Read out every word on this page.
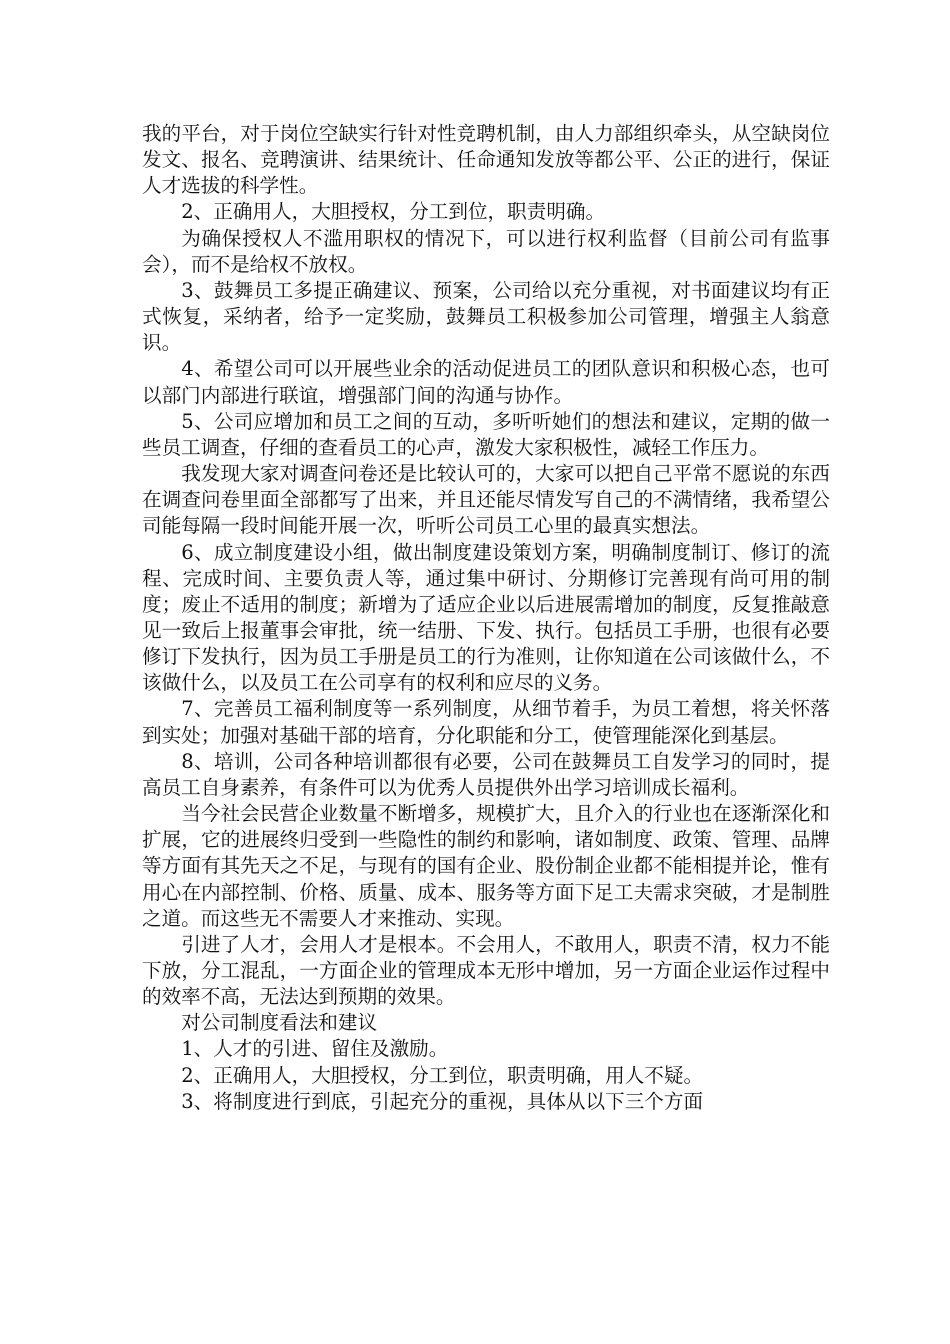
我的平台，对于岗位空缺实行针对性竞聘机制，由人力部组织牵头，从空缺岗位发文、报名、竞聘演讲、结果统计、任命通知发放等都公平、公正的进行，保证人才选拔的科学性。

2、正确用人，大胆授权，分工到位，职责明确。

为确保授权人不滥用职权的情况下，可以进行权利监督（目前公司有监事会），而不是给权不放权。

3、鼓舞员工多提正确建议、预案，公司给以充分重视，对书面建议均有正式恢复，采纳者，给予一定奖励，鼓舞员工积极参加公司管理，增强主人翁意识。

4、希望公司可以开展些业余的活动促进员工的团队意识和积极心态，也可以部门内部进行联谊，增强部门间的沟通与协作。

5、公司应增加和员工之间的互动，多听听她们的想法和建议，定期的做一些员工调查，仔细的查看员工的心声，激发大家积极性，减轻工作压力。

我发现大家对调查问卷还是比较认可的，大家可以把自己平常不愿说的东西在调查问卷里面全部都写了出来，并且还能尽情发写自己的不满情绪，我希望公司能每隔一段时间能开展一次，听听公司员工心里的最真实想法。

6、成立制度建设小组，做出制度建设策划方案，明确制度制订、修订的流程、完成时间、主要负责人等，通过集中研讨、分期修订完善现有尚可用的制度；废止不适用的制度；新增为了适应企业以后进展需增加的制度，反复推敲意见一致后上报董事会审批，统一结册、下发、执行。包括员工手册，也很有必要修订下发执行，因为员工手册是员工的行为准则，让你知道在公司该做什么，不该做什么，以及员工在公司享有的权利和应尽的义务。

7、完善员工福利制度等一系列制度，从细节着手，为员工着想，将关怀落到实处；加强对基础干部的培育，分化职能和分工，使管理能深化到基层。

8、培训，公司各种培训都很有必要，公司在鼓舞员工自发学习的同时，提高员工自身素养，有条件可以为优秀人员提供外出学习培训成长福利。

当今社会民营企业数量不断增多，规模扩大，且介入的行业也在逐渐深化和扩展，它的进展终归受到一些隐性的制约和影响，诸如制度、政策、管理、品牌等方面有其先天之不足，与现有的国有企业、股份制企业都不能相提并论，惟有用心在内部控制、价格、质量、成本、服务等方面下足工夫需求突破，才是制胜之道。而这些无不需要人才来推动、实现。

引进了人才，会用人才是根本。不会用人，不敢用人，职责不清，权力不能下放，分工混乱，一方面企业的管理成本无形中增加，另一方面企业运作过程中的效率不高，无法达到预期的效果。

对公司制度看法和建议

1、人才的引进、留住及激励。

2、正确用人，大胆授权，分工到位，职责明确，用人不疑。

3、将制度进行到底，引起充分的重视，具体从以下三个方面
